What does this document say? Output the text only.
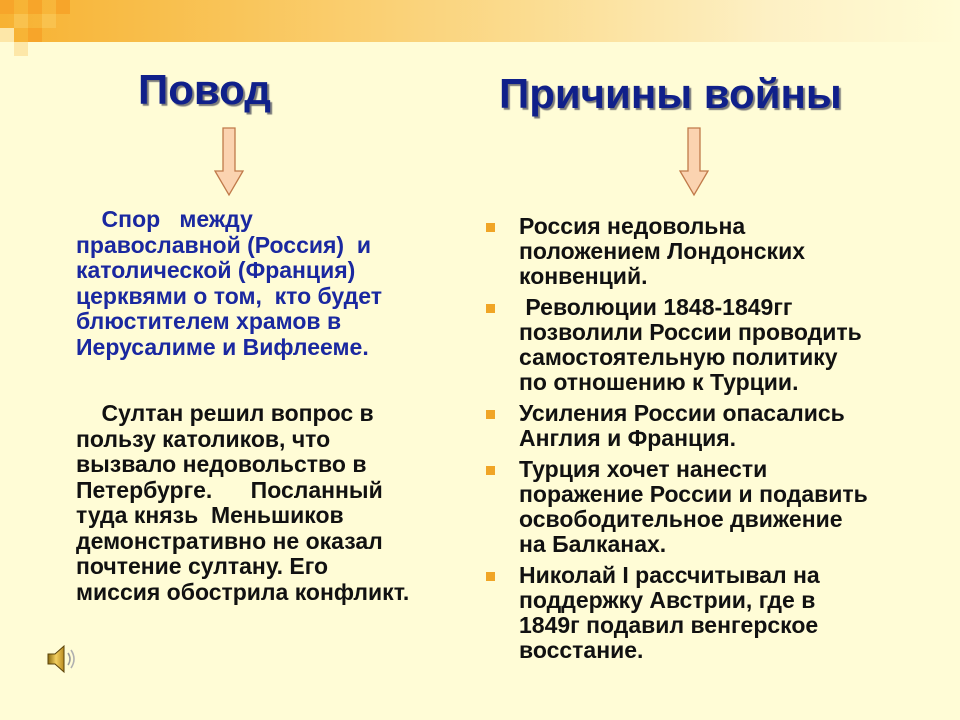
Повод	Причины войны

Спор   между
православной (Россия)  и
католической (Франция)
церквями о том,  кто будет
блюстителем храмов в
Иерусалиме и Вифлееме.

Султан решил вопрос в
пользу католиков, что
вызвало недовольство в
Петербурге.      Посланный
туда князь  Меньшиков
демонстративно не оказал
почтение султану. Его
миссия обострила конфликт.

Россия недовольна
положением Лондонских
конвенций.
Революции 1848-1849гг
позволили России проводить
самостоятельную политику
по отношению к Турции.
Усиления России опасались
Англия и Франция.
Турция хочет нанести
поражение России и подавить
освободительное движение
на Балканах.
Николай I рассчитывал на
поддержку Австрии, где в
1849г подавил венгерское
восстание.
